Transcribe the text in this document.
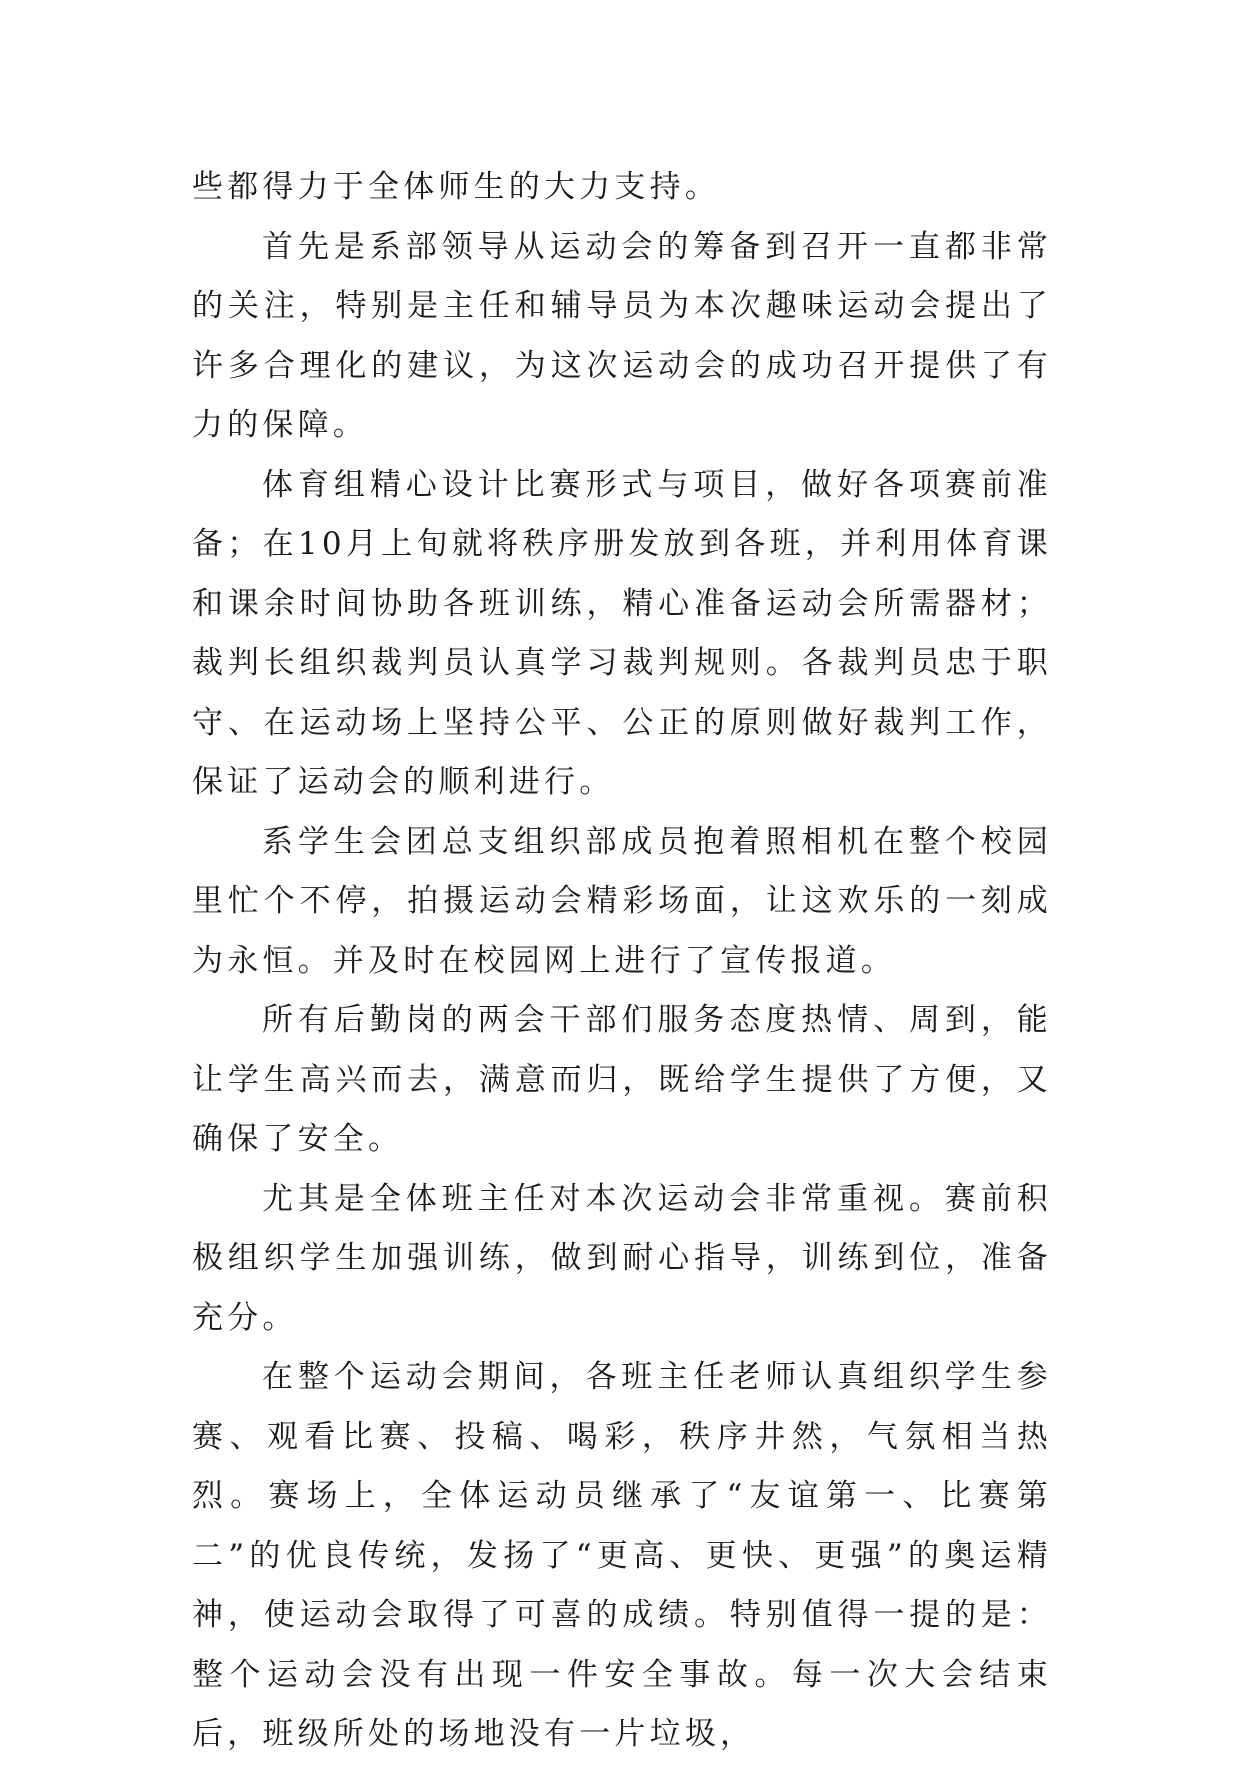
些都得力于全体师生的大力支持。

首先是系部领导从运动会的筹备到召开一直都非常的关注，特别是主任和辅导员为本次趣味运动会提出了许多合理化的建议，为这次运动会的成功召开提供了有力的保障。

体育组精心设计比赛形式与项目，做好各项赛前准备；在10月上旬就将秩序册发放到各班，并利用体育课和课余时间协助各班训练，精心准备运动会所需器材；裁判长组织裁判员认真学习裁判规则。各裁判员忠于职守、在运动场上坚持公平、公正的原则做好裁判工作，保证了运动会的顺利进行。

系学生会团总支组织部成员抱着照相机在整个校园里忙个不停，拍摄运动会精彩场面，让这欢乐的一刻成为永恒。并及时在校园网上进行了宣传报道。

所有后勤岗的两会干部们服务态度热情、周到，能让学生高兴而去，满意而归，既给学生提供了方便，又确保了安全。

尤其是全体班主任对本次运动会非常重视。赛前积极组织学生加强训练，做到耐心指导，训练到位，准备充分。

在整个运动会期间，各班主任老师认真组织学生参赛、观看比赛、投稿、喝彩，秩序井然，气氛相当热烈。赛场上，全体运动员继承了“友谊第一、比赛第二”的优良传统，发扬了“更高、更快、更强”的奥运精神，使运动会取得了可喜的成绩。特别值得一提的是：整个运动会没有出现一件安全事故。每一次大会结束后，班级所处的场地没有一片垃圾，
